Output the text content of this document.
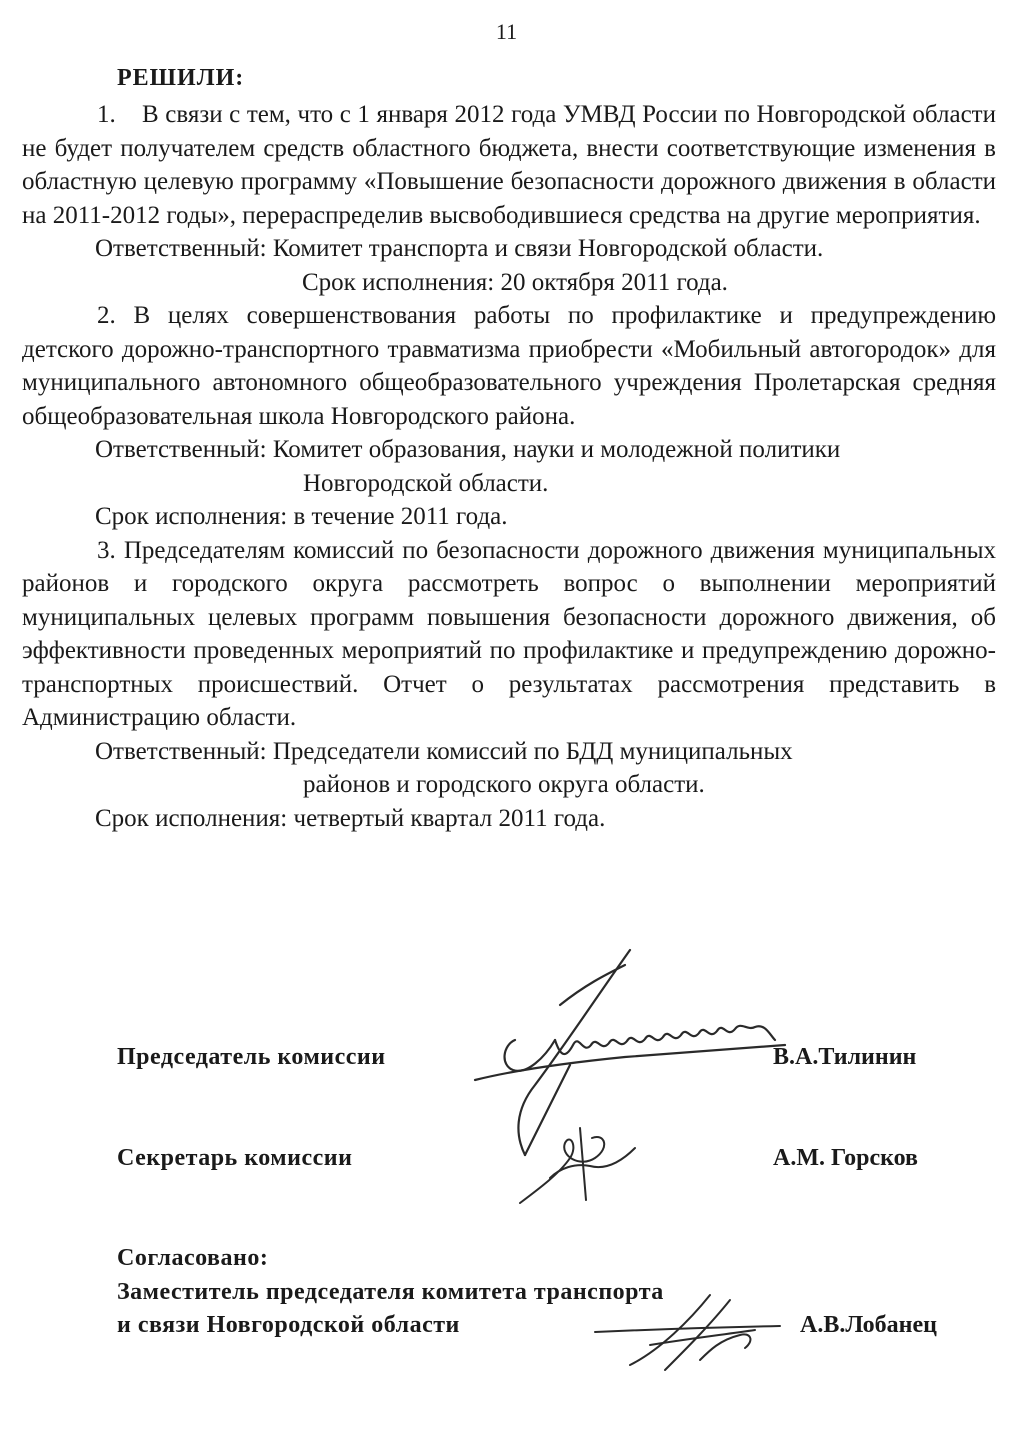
11
РЕШИЛИ:

1.    В связи с тем, что с 1 января 2012 года УМВД России по Новгородской области не будет получателем средств областного бюджета, внести соответствующие изменения в областную целевую программу «Повышение безопасности дорожного движения в области на 2011-2012 годы», перераспределив высвободившиеся средства на другие мероприятия.

Ответственный: Комитет транспорта и связи Новгородской области.

Срок исполнения: 20 октября 2011 года.

2. В целях совершенствования работы по профилактике и предупреждению детского дорожно-транспортного травматизма приобрести «Мобильный автогородок» для муниципального автономного общеобразовательного учреждения Пролетарская средняя общеобразовательная школа Новгородского района.

Ответственный: Комитет образования, науки и молодежной политики
Новгородской области.

Срок исполнения: в течение 2011 года.

3. Председателям комиссий по безопасности дорожного движения муниципальных районов и городского округа рассмотреть вопрос о выполнении мероприятий муниципальных целевых программ повышения безопасности дорожного движения, об эффективности проведенных мероприятий по профилактике и предупреждению дорожно-транспортных происшествий. Отчет о результатах рассмотрения представить в Администрацию области.

Ответственный: Председатели комиссий по БДД муниципальных
районов и городского округа области.

Срок исполнения: четвертый квартал 2011 года.

Председатель комиссии	В.А.Тилинин
Секретарь комиссии	А.М. Горсков
Согласовано:
Заместитель председателя комитета транспорта
и связи Новгородской области	А.В.Лобанец
